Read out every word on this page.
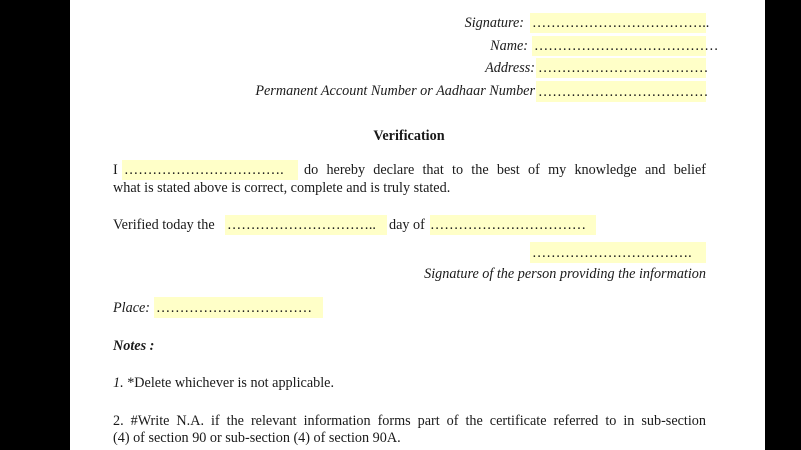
Signature: ………………………………..
Name: …………………………………
Address: ………………………………
Permanent Account Number or Aadhaar Number ………………………………
Verification
I ……………………………. do hereby declare that to the best of my knowledge and belief
what is stated above is correct, complete and is truly stated.
Verified today the ………………………….. day of ……………………………
…………………………….
Signature of the person providing the information
Place: ……………………………
Notes :
1. *Delete whichever is not applicable.
2. #Write N.A. if the relevant information forms part of the certificate referred to in sub-section
(4) of section 90 or sub-section (4) of section 90A.
